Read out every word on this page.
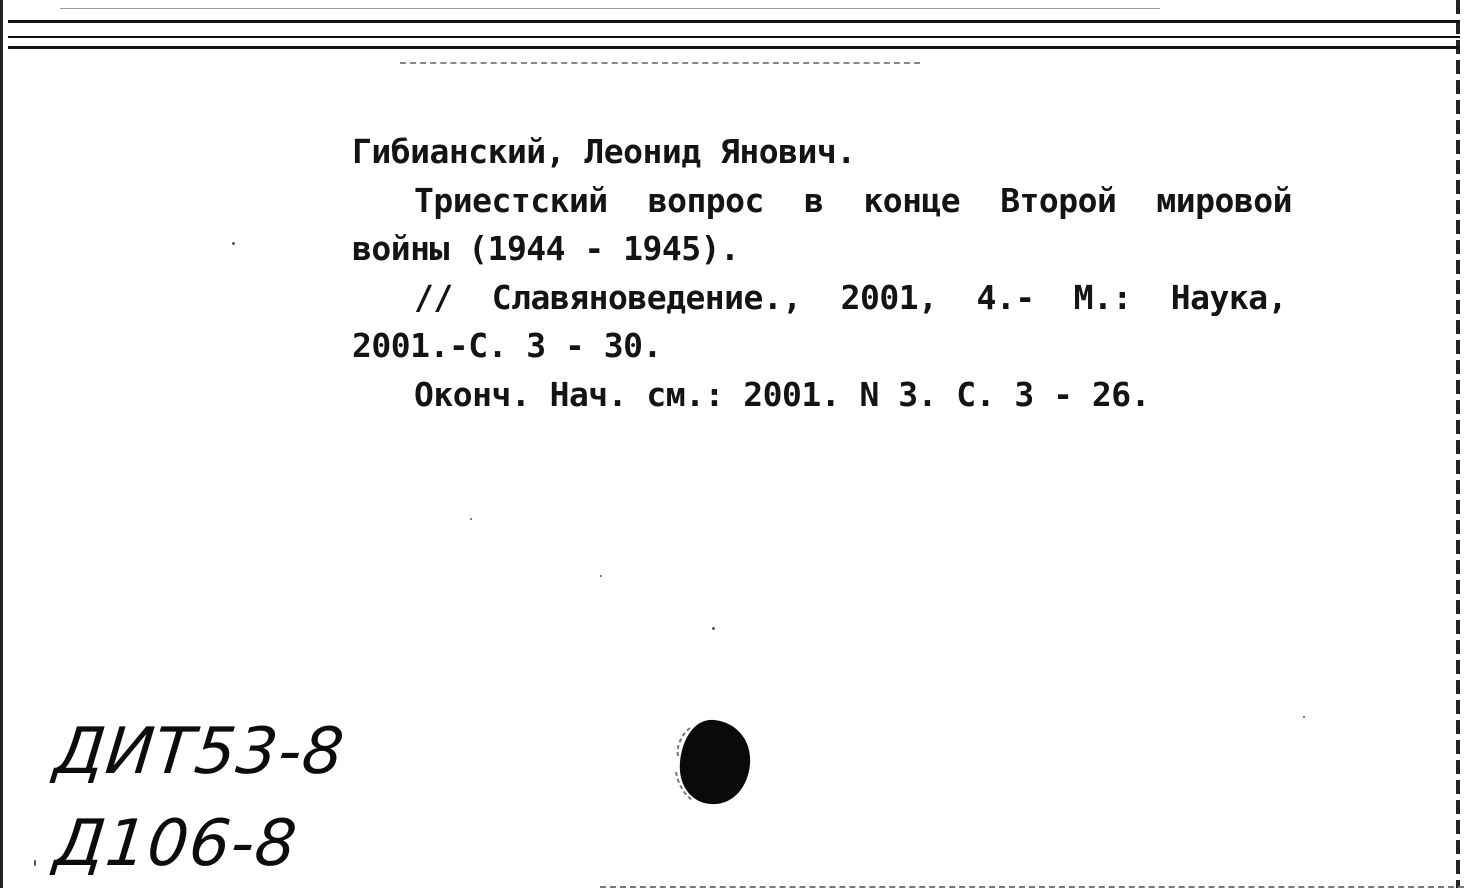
Гибианский, Леонид Янович.
Триестский вопрос в конце Второй мировой
войны (1944 - 1945).
// Славяноведение., 2001, 4.- М.: Наука,
2001.-С. 3 - 30.
Оконч. Нач. см.: 2001. N 3. С. 3 - 26.
ДИТ53-8
Д106-8
